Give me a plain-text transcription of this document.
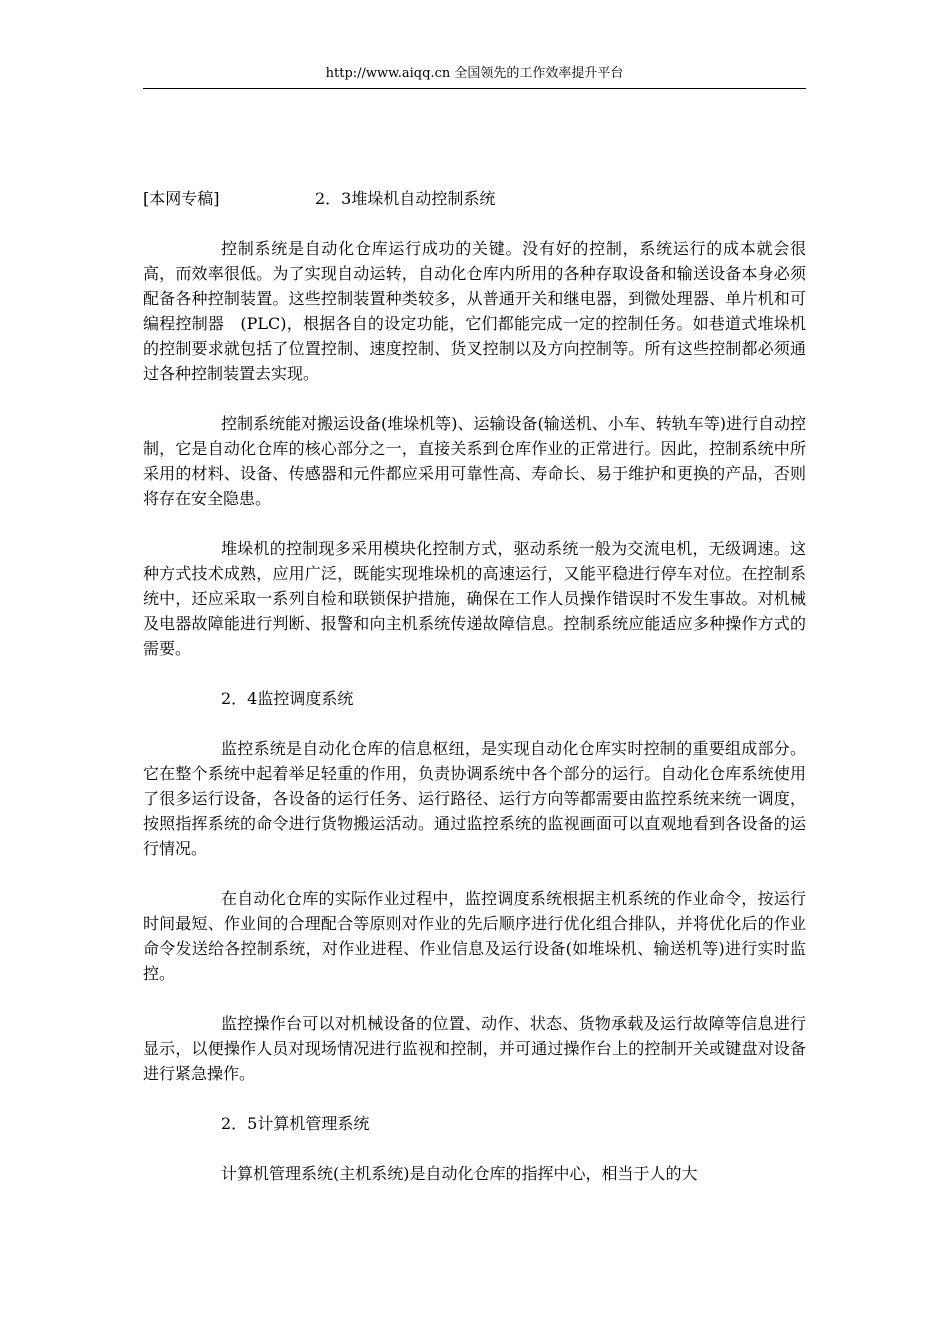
http://www.aiqq.cn 全国领先的工作效率提升平台

[本网专稿]	2．3堆垛机自动控制系统

控制系统是自动化仓库运行成功的关键。没有好的控制，系统运行的成本就会很高，而效率很低。为了实现自动运转，自动化仓库内所用的各种存取设备和输送设备本身必须配备各种控制装置。这些控制装置种类较多，从普通开关和继电器，到微处理器、单片机和可编程控制器　(PLC)，根据各自的设定功能，它们都能完成一定的控制任务。如巷道式堆垛机的控制要求就包括了位置控制、速度控制、货叉控制以及方向控制等。所有这些控制都必须通过各种控制装置去实现。

控制系统能对搬运设备(堆垛机等)、运输设备(输送机、小车、转轨车等)进行自动控制，它是自动化仓库的核心部分之一，直接关系到仓库作业的正常进行。因此，控制系统中所采用的材料、设备、传感器和元件都应采用可靠性高、寿命长、易于维护和更换的产品，否则将存在安全隐患。

堆垛机的控制现多采用模块化控制方式，驱动系统一般为交流电机，无级调速。这种方式技术成熟，应用广泛，既能实现堆垛机的高速运行，又能平稳进行停车对位。在控制系统中，还应采取一系列自检和联锁保护措施，确保在工作人员操作错误时不发生事故。对机械及电器故障能进行判断、报警和向主机系统传递故障信息。控制系统应能适应多种操作方式的需要。

2．4监控调度系统

监控系统是自动化仓库的信息枢纽，是实现自动化仓库实时控制的重要组成部分。它在整个系统中起着举足轻重的作用，负责协调系统中各个部分的运行。自动化仓库系统使用了很多运行设备，各设备的运行任务、运行路径、运行方向等都需要由监控系统来统一调度，按照指挥系统的命令进行货物搬运活动。通过监控系统的监视画面可以直观地看到各设备的运行情况。

在自动化仓库的实际作业过程中，监控调度系统根据主机系统的作业命令，按运行时间最短、作业间的合理配合等原则对作业的先后顺序进行优化组合排队，并将优化后的作业命令发送给各控制系统，对作业进程、作业信息及运行设备(如堆垛机、输送机等)进行实时监控。

监控操作台可以对机械设备的位置、动作、状态、货物承载及运行故障等信息进行显示，以便操作人员对现场情况进行监视和控制，并可通过操作台上的控制开关或键盘对设备进行紧急操作。

2．5计算机管理系统

计算机管理系统(主机系统)是自动化仓库的指挥中心，相当于人的大
